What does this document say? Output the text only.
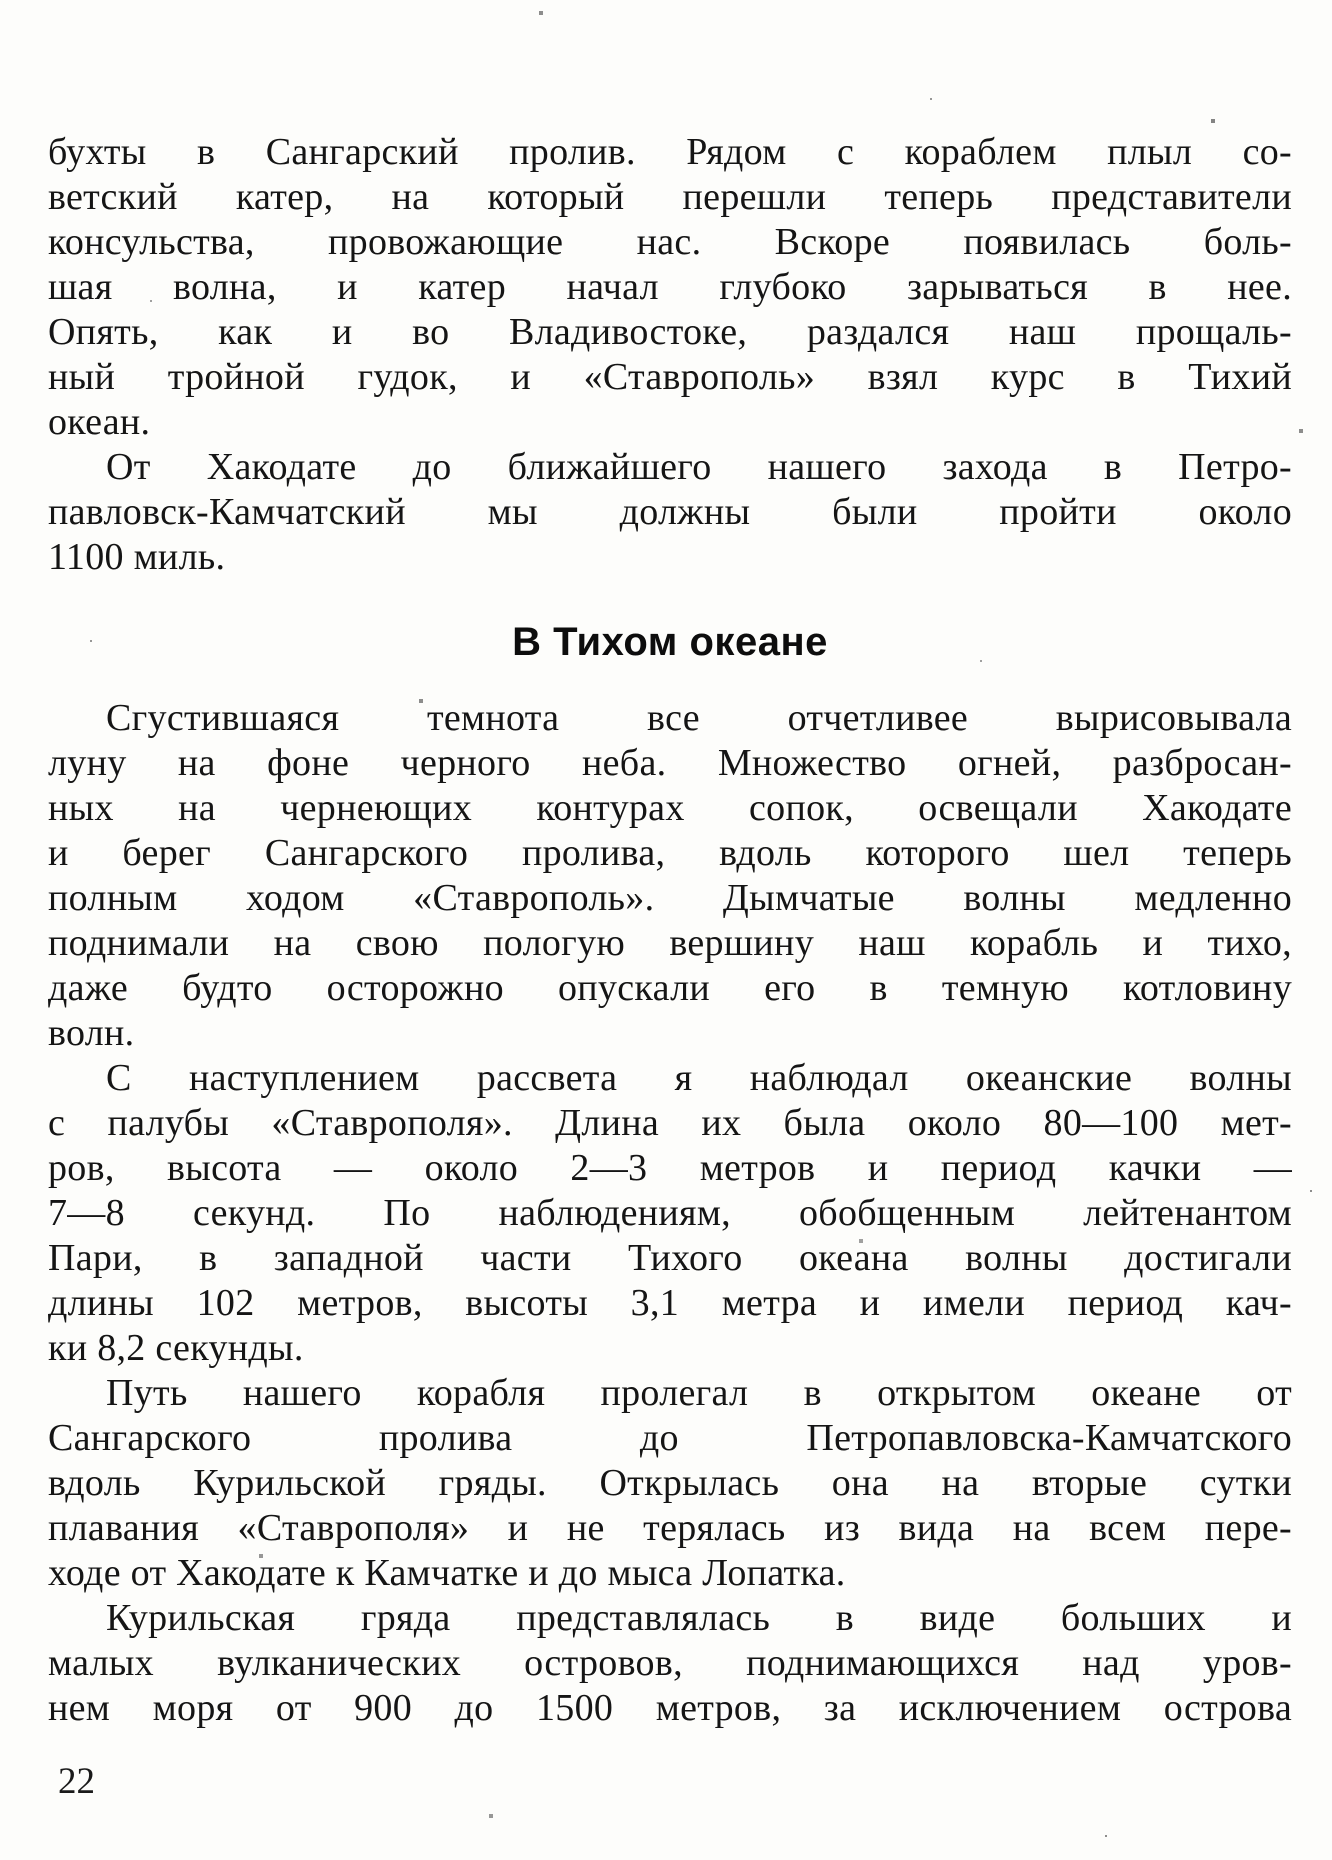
бухты в Сангарский пролив. Рядом с кораблем плыл со-
ветский катер, на который перешли теперь представители
консульства, провожающие нас. Вскоре появилась боль-
шая волна, и катер начал глубоко зарываться в нее.
Опять, как и во Владивостоке, раздался наш прощаль-
ный тройной гудок, и «Ставрополь» взял курс в Тихий
океан.
От Хакодате до ближайшего нашего захода в Петро-
павловск-Камчатский мы должны были пройти около
1100 миль.
В Тихом океане
Сгустившаяся темнота все отчетливее вырисовывала
луну на фоне черного неба. Множество огней, разбросан-
ных на чернеющих контурах сопок, освещали Хакодате
и берег Сангарского пролива, вдоль которого шел теперь
полным ходом «Ставрополь». Дымчатые волны медленно
поднимали на свою пологую вершину наш корабль и тихо,
даже будто осторожно опускали его в темную котловину
волн.
С наступлением рассвета я наблюдал океанские волны
с палубы «Ставрополя». Длина их была около 80—100 мет-
ров, высота — около 2—3 метров и период качки —
7—8 секунд. По наблюдениям, обобщенным лейтенантом
Пари, в западной части Тихого океана волны достигали
длины 102 метров, высоты 3,1 метра и имели период кач-
ки 8,2 секунды.
Путь нашего корабля пролегал в открытом океане от
Сангарского пролива до Петропавловска-Камчатского
вдоль Курильской гряды. Открылась она на вторые сутки
плавания «Ставрополя» и не терялась из вида на всем пере-
ходе от Хакодате к Камчатке и до мыса Лопатка.
Курильская гряда представлялась в виде больших и
малых вулканических островов, поднимающихся над уров-
нем моря от 900 до 1500 метров, за исключением острова
22
